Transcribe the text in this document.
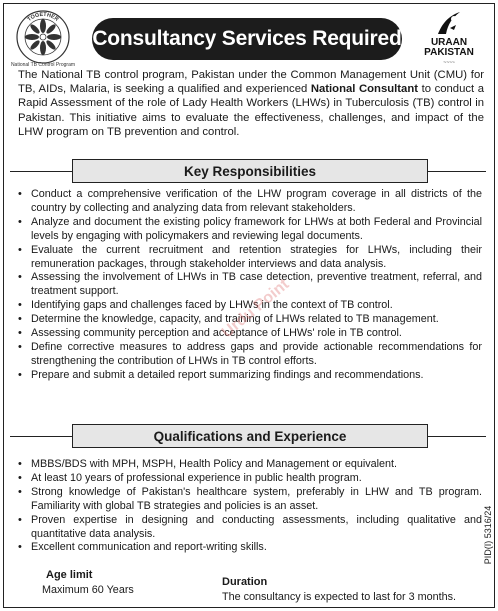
TOGETHER
National TB Control Program
URAAN PAKISTAN
~~~~
Consultancy Services Required

The National TB control program, Pakistan under the Common Management Unit (CMU) for TB, AIDs, Malaria, is seeking a qualified and experienced National Consultant to conduct a Rapid Assessment of the role of Lady Health Workers (LHWs) in Tuberculosis (TB) control in Pakistan. This initiative aims to evaluate the effectiveness, challenges, and impact of the LHW program on TB prevention and control.

Key Responsibilities
• Conduct a comprehensive verification of the LHW program coverage in all districts of the country by collecting and analyzing data from relevant stakeholders.
• Analyze and document the existing policy framework for LHWs at both Federal and Provincial levels by engaging with policymakers and reviewing legal documents.
• Evaluate the current recruitment and retention strategies for LHWs, including their remuneration packages, through stakeholder interviews and data analysis.
• Assessing the involvement of LHWs in TB case detection, preventive treatment, referral, and treatment support.
• Identifying gaps and challenges faced by LHWs in the context of TB control.
• Determine the knowledge, capacity, and training of LHWs related to TB management.
• Assessing community perception and acceptance of LHWs' role in TB control.
• Define corrective measures to address gaps and provide actionable recommendations for strengthening the contribution of LHWs in TB control efforts.
• Prepare and submit a detailed report summarizing findings and recommendations.
Qualifications and Experience
• MBBS/BDS with MPH, MSPH, Health Policy and Management or equivalent.
• At least 10 years of professional experience in public health program.
• Strong knowledge of Pakistan's healthcare system, preferably in LHW and TB program. Familiarity with global TB strategies and policies is an asset.
• Proven expertise in designing and conducting assessments, including qualitative and quantitative data analysis.
• Excellent communication and report-writing skills.
Age limit
Maximum 60 Years
Duration
The consultancy is expected to last for 3 months.
PID(I) 5316/24
Urdu Point
